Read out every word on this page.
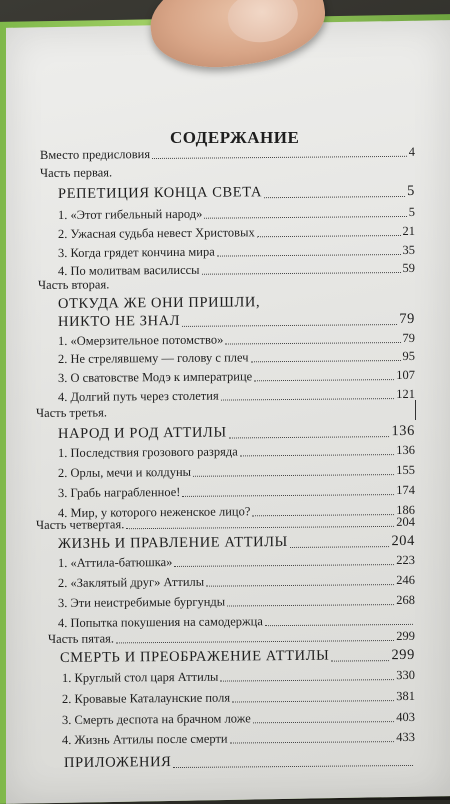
СОДЕРЖАНИЕ
Вместо предисловия	4
Часть первая.
РЕПЕТИЦИЯ КОНЦА СВЕТА	5
1. «Этот гибельный народ»	5
2. Ужасная судьба невест Христовых	21
3. Когда грядет кончина мира	35
4. По молитвам василиссы	59
Часть вторая.
ОТКУДА ЖЕ ОНИ ПРИШЛИ,
НИКТО НЕ ЗНАЛ	79
1. «Омерзительное потомство»	79
2. Не стрелявшему — голову с плеч	95
3. О сватовстве Модэ к императрице	107
4. Долгий путь через столетия	121
Часть третья.
НАРОД И РОД АТТИЛЫ	136
1. Последствия грозового разряда	136
2. Орлы, мечи и колдуны	155
3. Грабь награбленное!	174
4. Мир, у которого неженское лицо?	186
Часть четвертая.	204
ЖИЗНЬ И ПРАВЛЕНИЕ АТТИЛЫ	204
1. «Аттила-батюшка»	223
2. «Заклятый друг» Аттилы	246
3. Эти неистребимые бургунды	268
4. Попытка покушения на самодержца
Часть пятая.	299
СМЕРТЬ И ПРЕОБРАЖЕНИЕ АТТИЛЫ	299
1. Круглый стол царя Аттилы	330
2. Кровавые Каталаунские поля	381
3. Смерть деспота на брачном ложе	403
4. Жизнь Аттилы после смерти	433
ПРИЛОЖЕНИЯ
